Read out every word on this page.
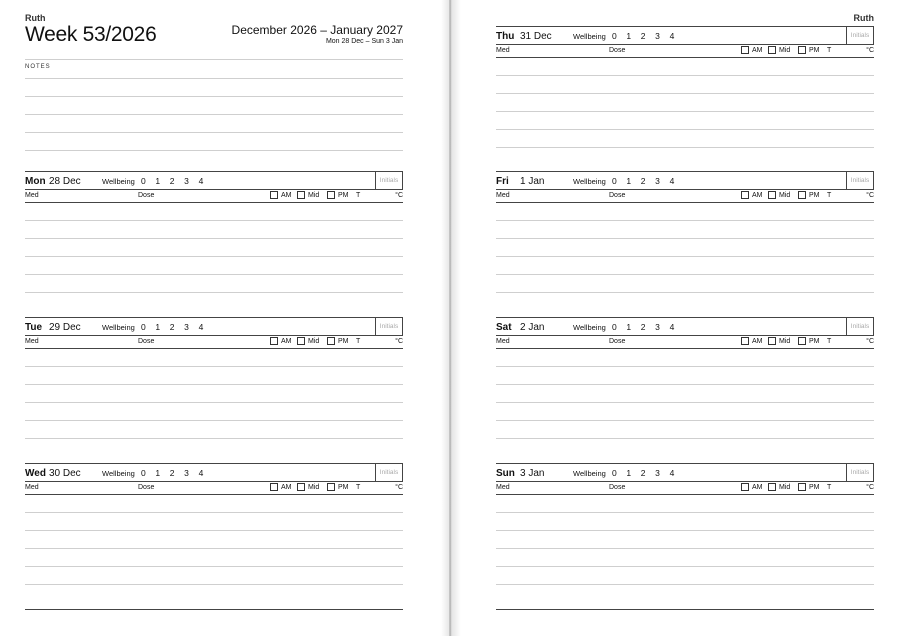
Ruth
Week 53/2026	December 2026 – January 2027
Mon 28 Dec – Sun 3 Jan
NOTES
Mon 28 Dec	Wellbeing 0	1	2	3	4	Initials
Med	Dose	AM Mid	PM T	°C
Tue 29 Dec	Wellbeing 0	1	2	3	4	Initials
Med	Dose	AM Mid	PM T	°C
Wed 30 Dec	Wellbeing 0	1	2	3	4	Initials
Med	Dose	AM Mid	PM T	°C
Ruth
Thu 31 Dec	Wellbeing 0	1	2	3	4	Initials
Med	Dose	AM Mid	PM T	°C
Fri 1 Jan	Wellbeing 0	1	2	3	4	Initials
Med	Dose	AM Mid	PM T	°C
Sat 2 Jan	Wellbeing 0	1	2	3	4	Initials
Med	Dose	AM Mid	PM T	°C
Sun 3 Jan	Wellbeing 0	1	2	3	4	Initials
Med	Dose	AM Mid	PM T	°C
